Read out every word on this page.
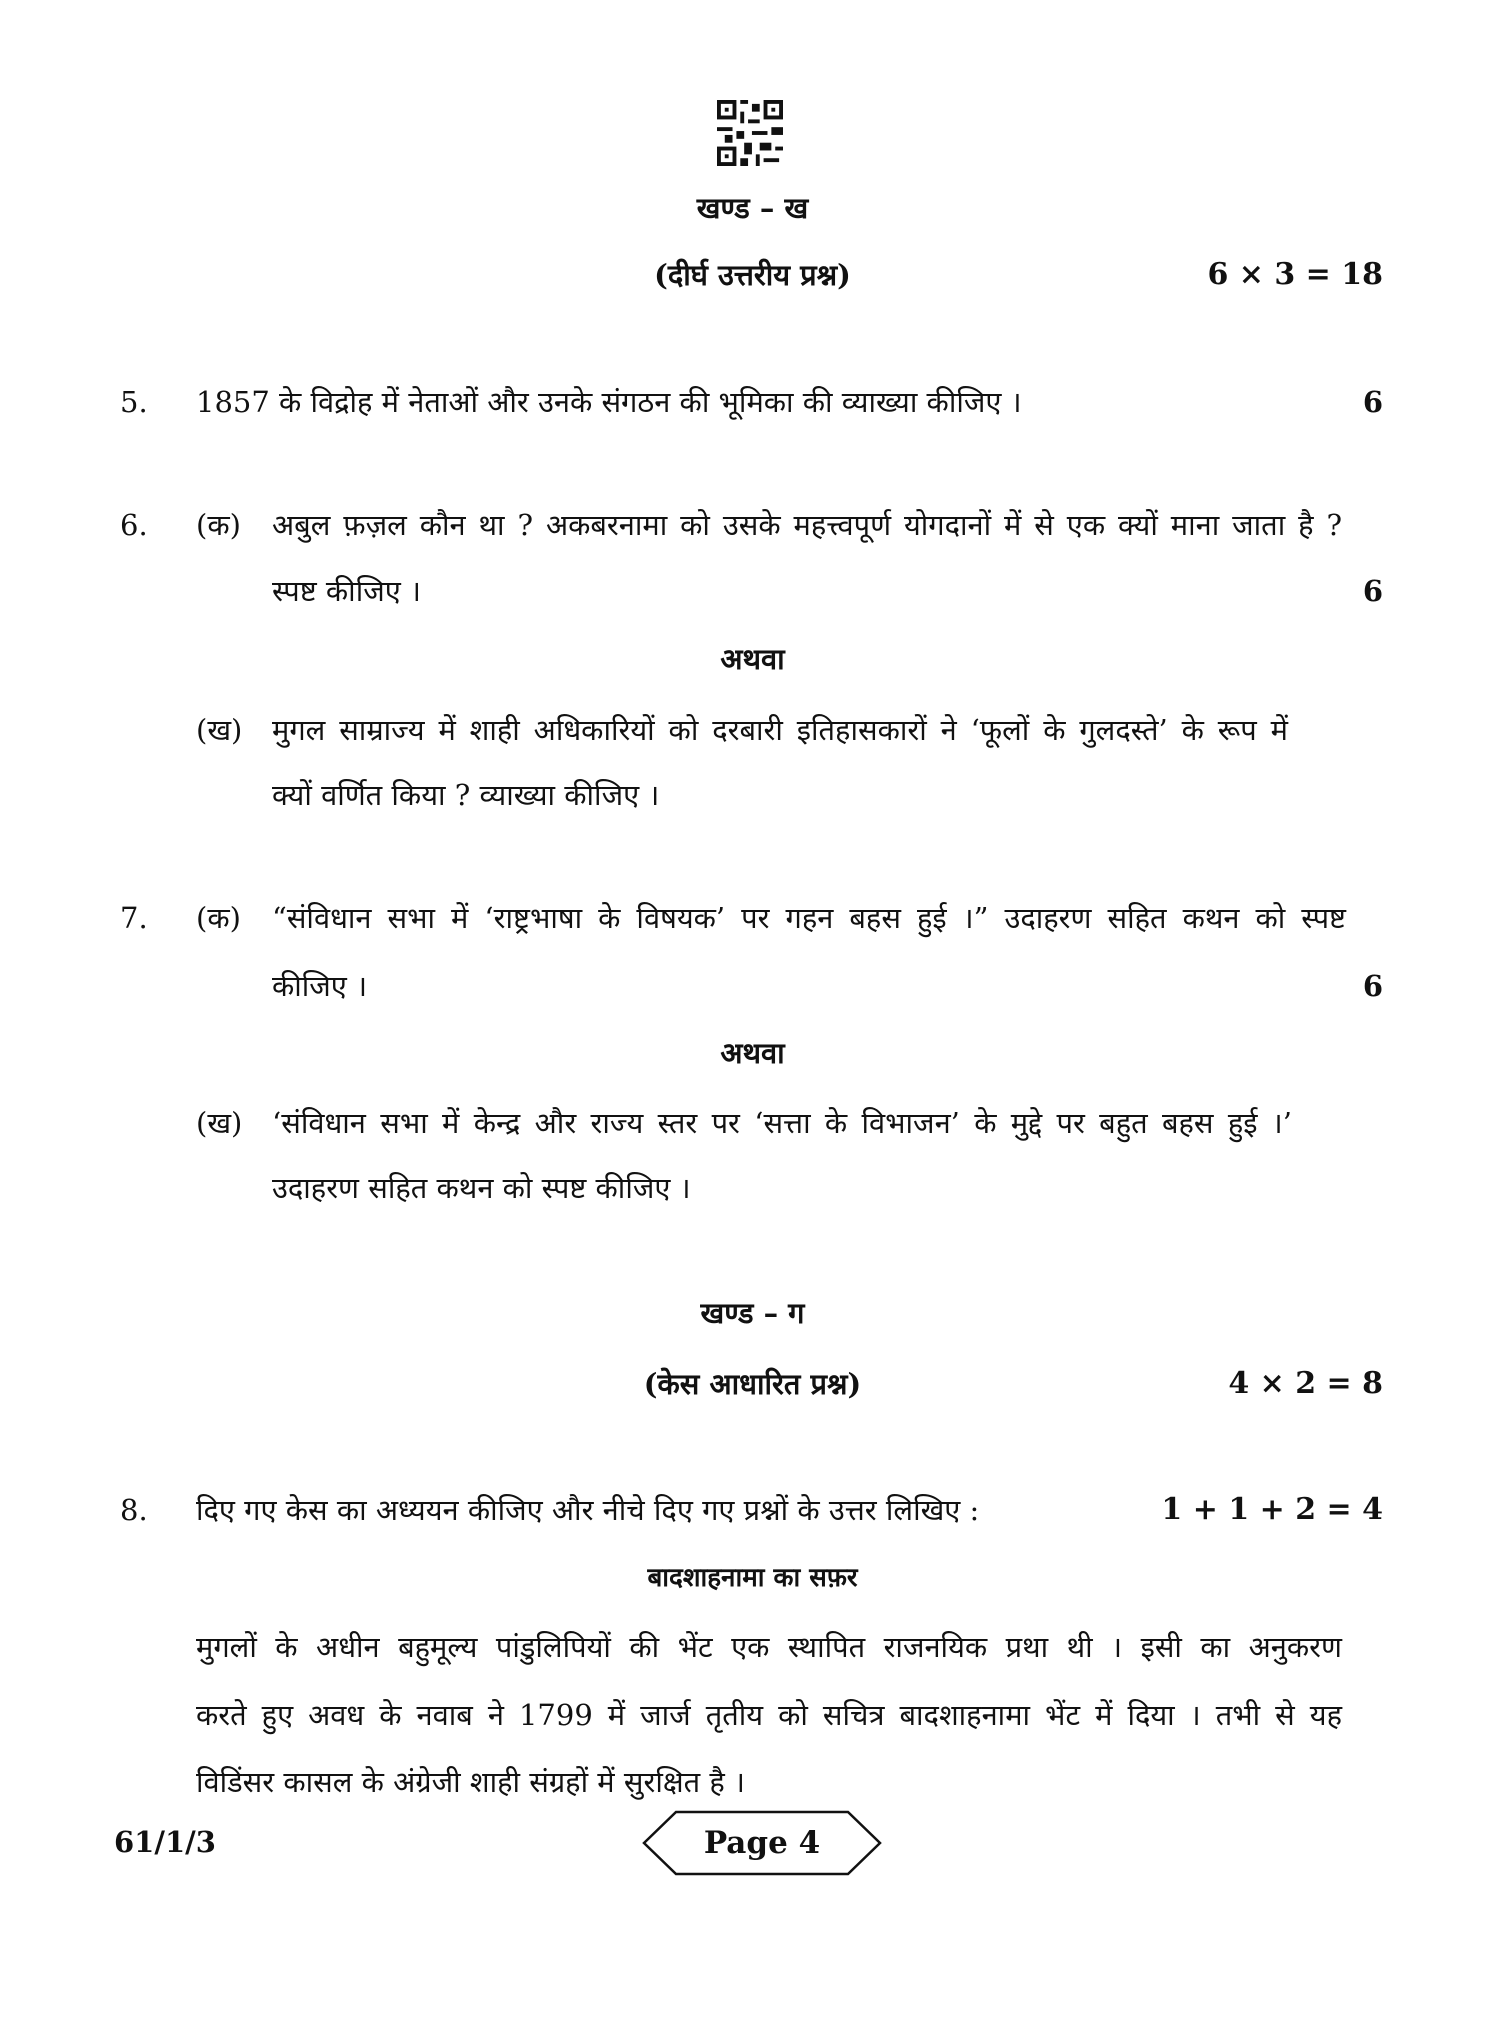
खण्ड – ख
(दीर्घ उत्तरीय प्रश्न)	6 × 3 = 18
5. 1857 के विद्रोह में नेताओं और उनके संगठन की भूमिका की व्याख्या कीजिए ।	6
6. (क) अबुल फ़ज़ल कौन था ? अकबरनामा को उसके महत्त्वपूर्ण योगदानों में से एक क्यों माना जाता है ?
स्पष्ट कीजिए ।	6
अथवा
(ख) मुगल साम्राज्य में शाही अधिकारियों को दरबारी इतिहासकारों ने ‘फूलों के गुलदस्ते’ के रूप में
क्यों वर्णित किया ? व्याख्या कीजिए ।
7. (क) “संविधान सभा में ‘राष्ट्रभाषा के विषयक’ पर गहन बहस हुई ।” उदाहरण सहित कथन को स्पष्ट
कीजिए ।	6
अथवा
(ख) ‘संविधान सभा में केन्द्र और राज्य स्तर पर ‘सत्ता के विभाजन’ के मुद्दे पर बहुत बहस हुई ।’
उदाहरण सहित कथन को स्पष्ट कीजिए ।
खण्ड – ग
(केस आधारित प्रश्न)	4 × 2 = 8
8. दिए गए केस का अध्ययन कीजिए और नीचे दिए गए प्रश्नों के उत्तर लिखिए :	1 + 1 + 2 = 4
बादशाहनामा का सफ़र
मुगलों के अधीन बहुमूल्य पांडुलिपियों की भेंट एक स्थापित राजनयिक प्रथा थी । इसी का अनुकरण
करते हुए अवध के नवाब ने 1799 में जार्ज तृतीय को सचित्र बादशाहनामा भेंट में दिया । तभी से यह
विडिंसर कासल के अंग्रेजी शाही संग्रहों में सुरक्षित है ।
61/1/3	Page 4
